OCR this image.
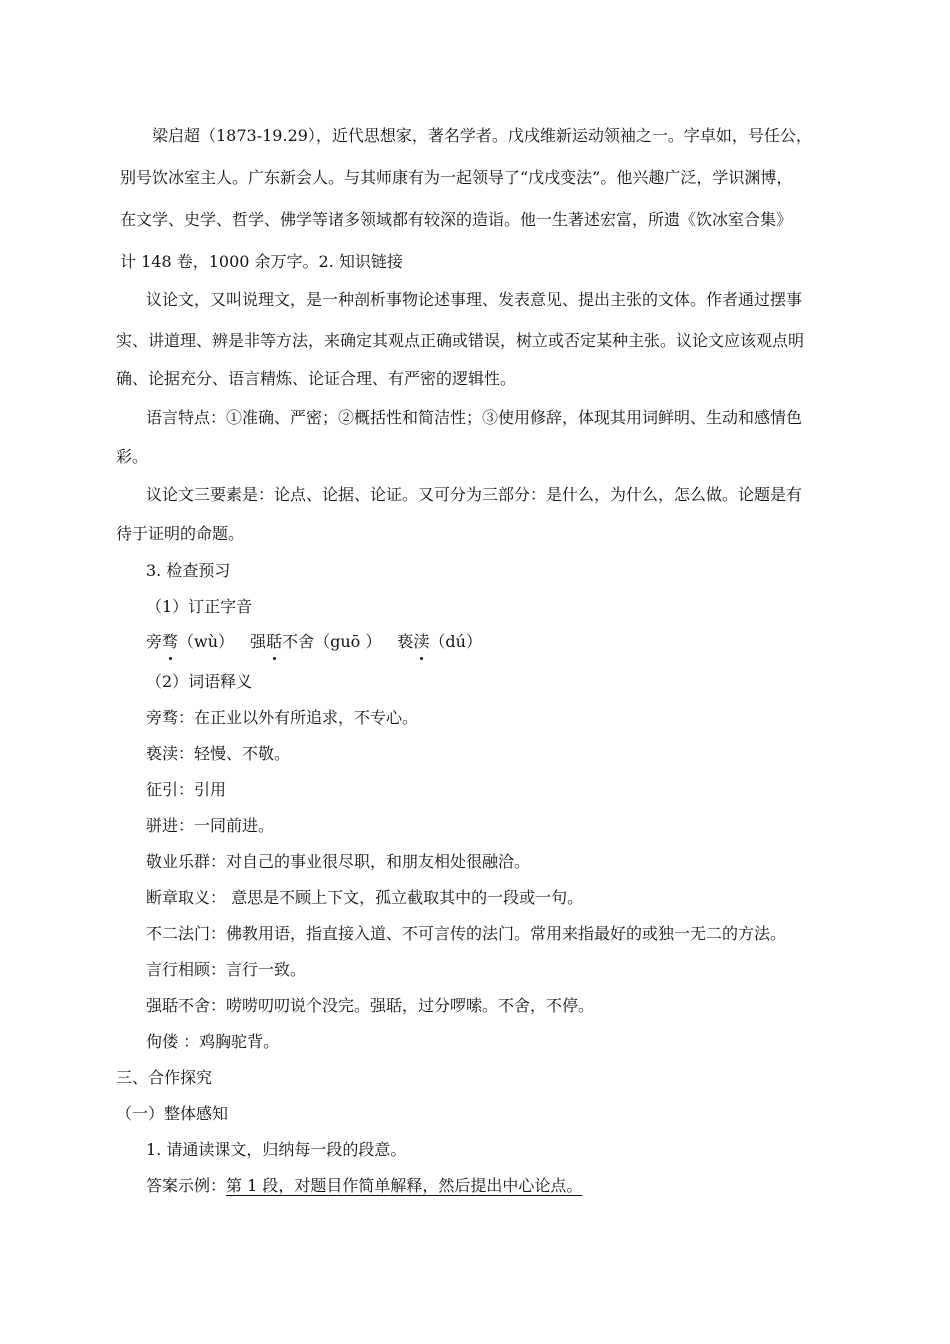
梁启超（1873-19.29），近代思想家，著名学者。戊戌维新运动领袖之一。字卓如，号任公，
别号饮冰室主人。广东新会人。与其师康有为一起领导了“戊戌变法”。他兴趣广泛，学识渊博，
在文学、史学、哲学、佛学等诸多领域都有较深的造诣。他一生著述宏富，所遗《饮冰室合集》
计 148 卷，1000 余万字。2. 知识链接
议论文，又叫说理文，是一种剖析事物论述事理、发表意见、提出主张的文体。作者通过摆事
实、讲道理、辨是非等方法，来确定其观点正确或错误，树立或否定某种主张。议论文应该观点明
确、论据充分、语言精炼、论证合理、有严密的逻辑性。
语言特点：①准确、严密；②概括性和简洁性；③使用修辞，体现其用词鲜明、生动和感情色
彩。
议论文三要素是：论点、论据、论证。又可分为三部分：是什么，为什么，怎么做。论题是有
待于证明的命题。
3. 检查预习
（1）订正字音
旁骛（wù） 强聒不舍（guō ） 亵渎（dú）
（2）词语释义
旁骛：在正业以外有所追求，不专心。
亵渎：轻慢、不敬。
征引：引用
骈进：一同前进。
敬业乐群：对自己的事业很尽职，和朋友相处很融洽。
断章取义： 意思是不顾上下文，孤立截取其中的一段或一句。
不二法门：佛教用语，指直接入道、不可言传的法门。常用来指最好的或独一无二的方法。
言行相顾：言行一致。
强聒不舍：唠唠叨叨说个没完。强聒，过分啰嗦。不舍，不停。
佝偻 ：鸡胸驼背。
三、合作探究
（一）整体感知
1. 请通读课文，归纳每一段的段意。
答案示例：第 1 段，对题目作简单解释，然后提出中心论点。
